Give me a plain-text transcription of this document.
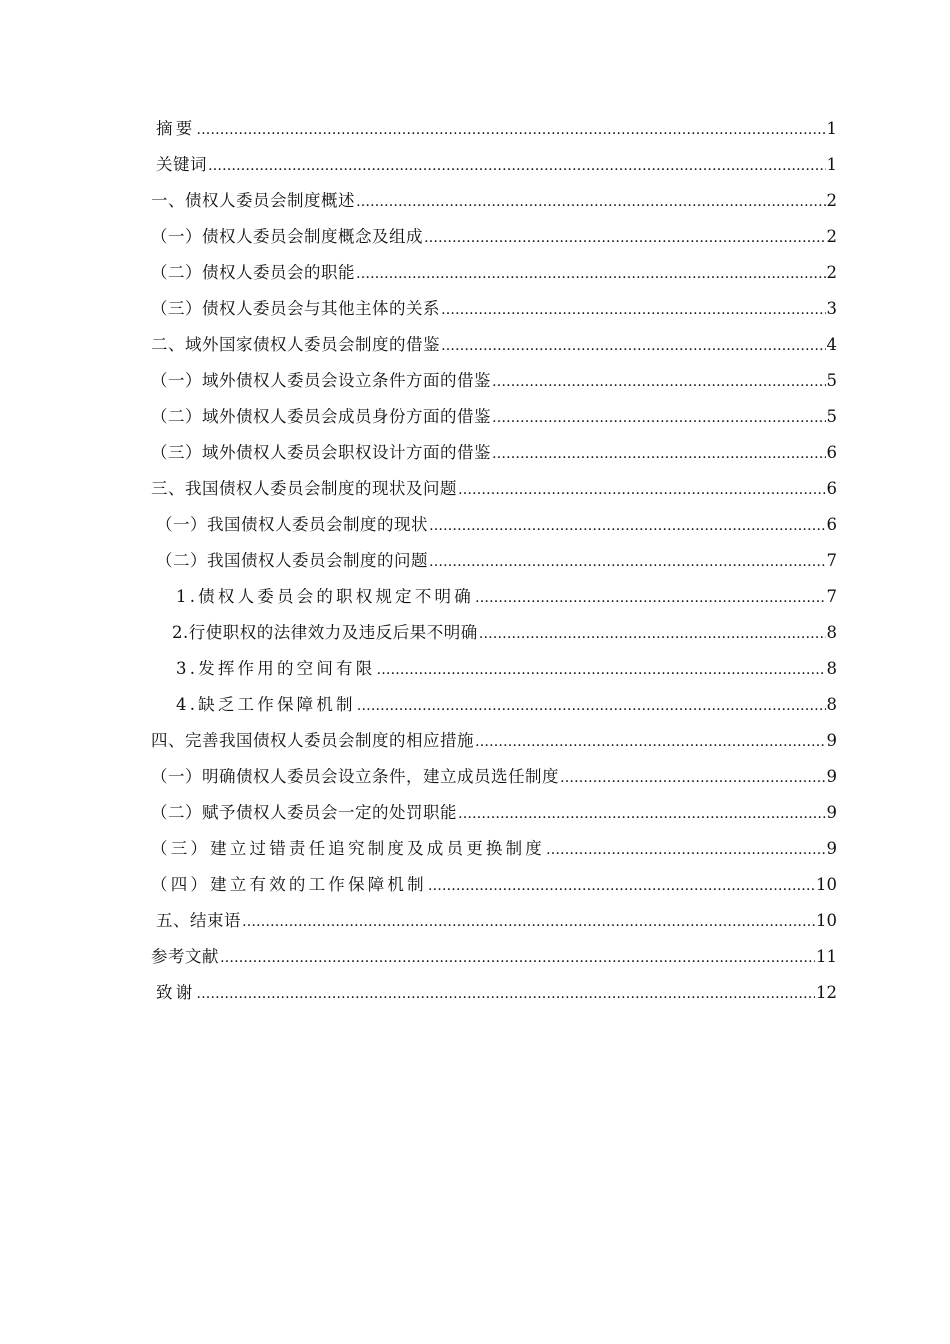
摘要 …………………………………………………………………………………………………………………………………………………………………………………………………………………………………………………	1
关键词 …………………………………………………………………………………………………………………………………………………………………………………………………………………………………………………	1
一、债权人委员会制度概述 …………………………………………………………………………………………………………………………………………………………………………………………………………………………………………………	2
（一）债权人委员会制度概念及组成 …………………………………………………………………………………………………………………………………………………………………………………………………………………………………………………	2
（二）债权人委员会的职能 …………………………………………………………………………………………………………………………………………………………………………………………………………………………………………………	2
（三）债权人委员会与其他主体的关系 …………………………………………………………………………………………………………………………………………………………………………………………………………………………………………………	3
二、域外国家债权人委员会制度的借鉴 …………………………………………………………………………………………………………………………………………………………………………………………………………………………………………………	4
（一）域外债权人委员会设立条件方面的借鉴 …………………………………………………………………………………………………………………………………………………………………………………………………………………………………………………	5
（二）域外债权人委员会成员身份方面的借鉴 …………………………………………………………………………………………………………………………………………………………………………………………………………………………………………………	5
（三）域外债权人委员会职权设计方面的借鉴 …………………………………………………………………………………………………………………………………………………………………………………………………………………………………………………	6
三、我国债权人委员会制度的现状及问题 …………………………………………………………………………………………………………………………………………………………………………………………………………………………………………………	6
（一）我国债权人委员会制度的现状 …………………………………………………………………………………………………………………………………………………………………………………………………………………………………………………	6
（二）我国债权人委员会制度的问题 …………………………………………………………………………………………………………………………………………………………………………………………………………………………………………………	7
1.债权人委员会的职权规定不明确 …………………………………………………………………………………………………………………………………………………………………………………………………………………………………………………	7
2.行使职权的法律效力及违反后果不明确 …………………………………………………………………………………………………………………………………………………………………………………………………………………………………………………	8
3.发挥作用的空间有限 …………………………………………………………………………………………………………………………………………………………………………………………………………………………………………………	8
4.缺乏工作保障机制 …………………………………………………………………………………………………………………………………………………………………………………………………………………………………………………	8
四、完善我国债权人委员会制度的相应措施 …………………………………………………………………………………………………………………………………………………………………………………………………………………………………………………	9
（一）明确债权人委员会设立条件，建立成员选任制度 …………………………………………………………………………………………………………………………………………………………………………………………………………………………………………………	9
（二）赋予债权人委员会一定的处罚职能 …………………………………………………………………………………………………………………………………………………………………………………………………………………………………………………	9
（三）建立过错责任追究制度及成员更换制度 …………………………………………………………………………………………………………………………………………………………………………………………………………………………………………………	9
（四）建立有效的工作保障机制 …………………………………………………………………………………………………………………………………………………………………………………………………………………………………………………	10
五、结束语 …………………………………………………………………………………………………………………………………………………………………………………………………………………………………………………	10
参考文献 …………………………………………………………………………………………………………………………………………………………………………………………………………………………………………………	11
致谢 …………………………………………………………………………………………………………………………………………………………………………………………………………………………………………………	12
